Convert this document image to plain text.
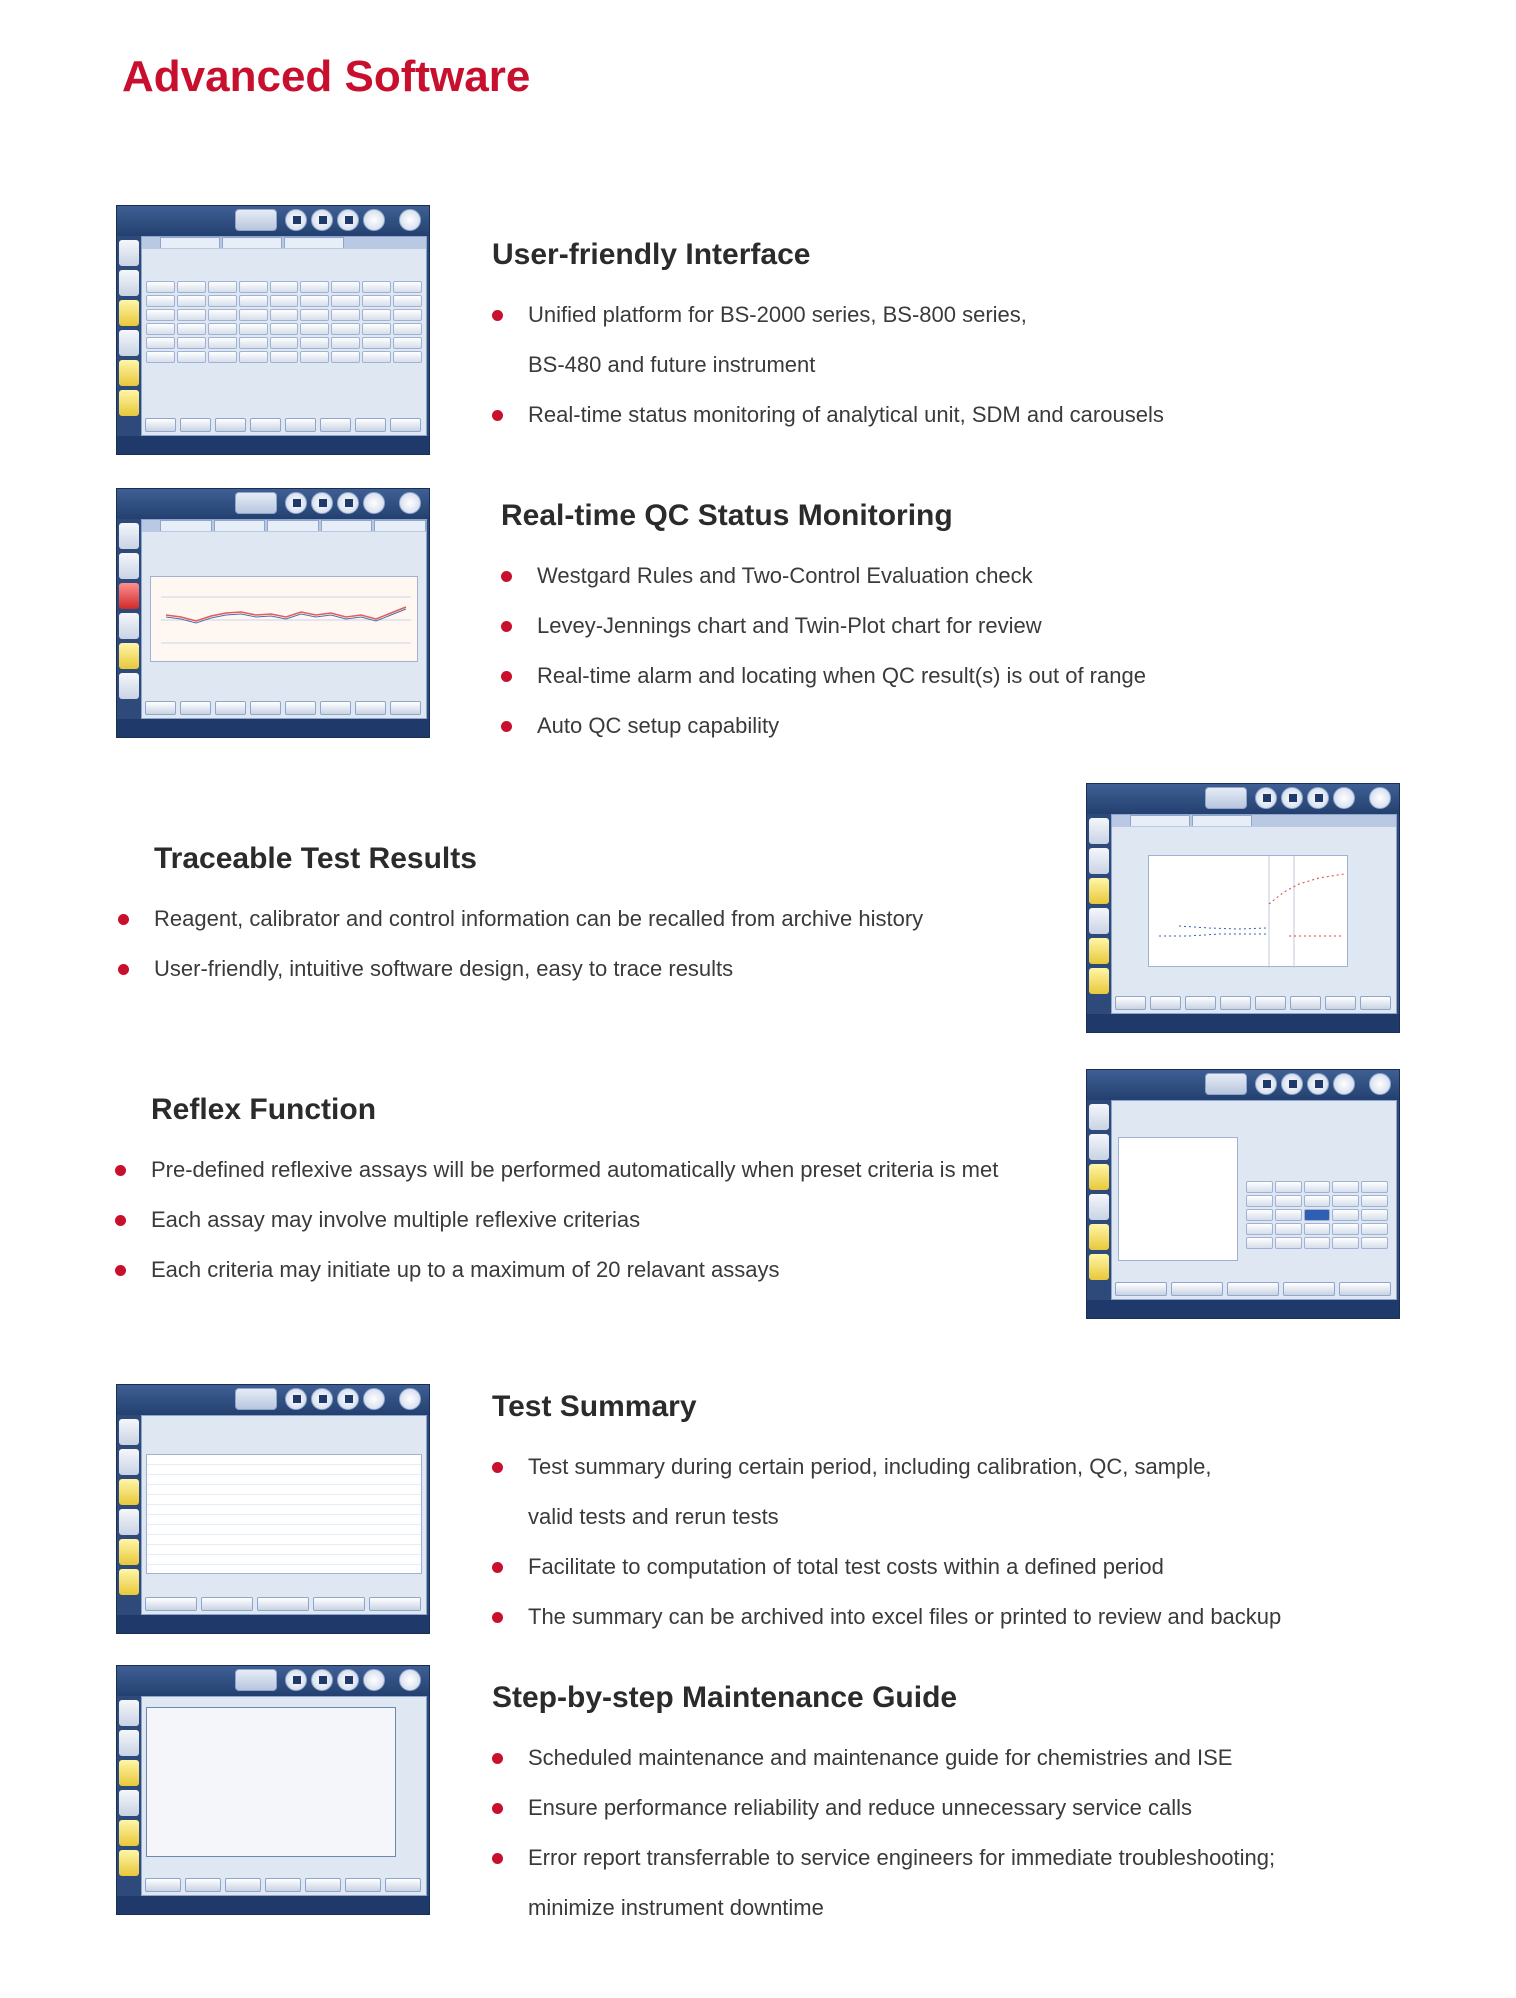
Advanced Software
User-friendly Interface
Unified platform for BS-2000 series, BS-800 series,
BS-480 and future instrument
Real-time status monitoring of analytical unit, SDM and carousels
Real-time QC Status Monitoring
Westgard Rules and Two-Control Evaluation check
Levey-Jennings chart and Twin-Plot chart for review
Real-time alarm and locating when QC result(s) is out of range
Auto QC setup capability
Traceable Test Results
Reagent, calibrator and control information can be recalled from archive history
User-friendly, intuitive software design, easy to trace results
Reflex Function
Pre-defined reflexive assays will be performed automatically when preset criteria is met
Each assay may involve multiple reflexive criterias
Each criteria may initiate up to a maximum of 20 relavant assays
Test Summary
Test summary during certain period, including calibration, QC, sample,
valid tests and rerun tests
Facilitate to computation of total test costs within a defined period
The summary can be archived into excel files or printed to review and backup
Step-by-step Maintenance Guide
Scheduled maintenance and maintenance guide for chemistries and ISE
Ensure performance reliability and reduce unnecessary service calls
Error report transferrable to service engineers for immediate troubleshooting;
minimize instrument downtime
